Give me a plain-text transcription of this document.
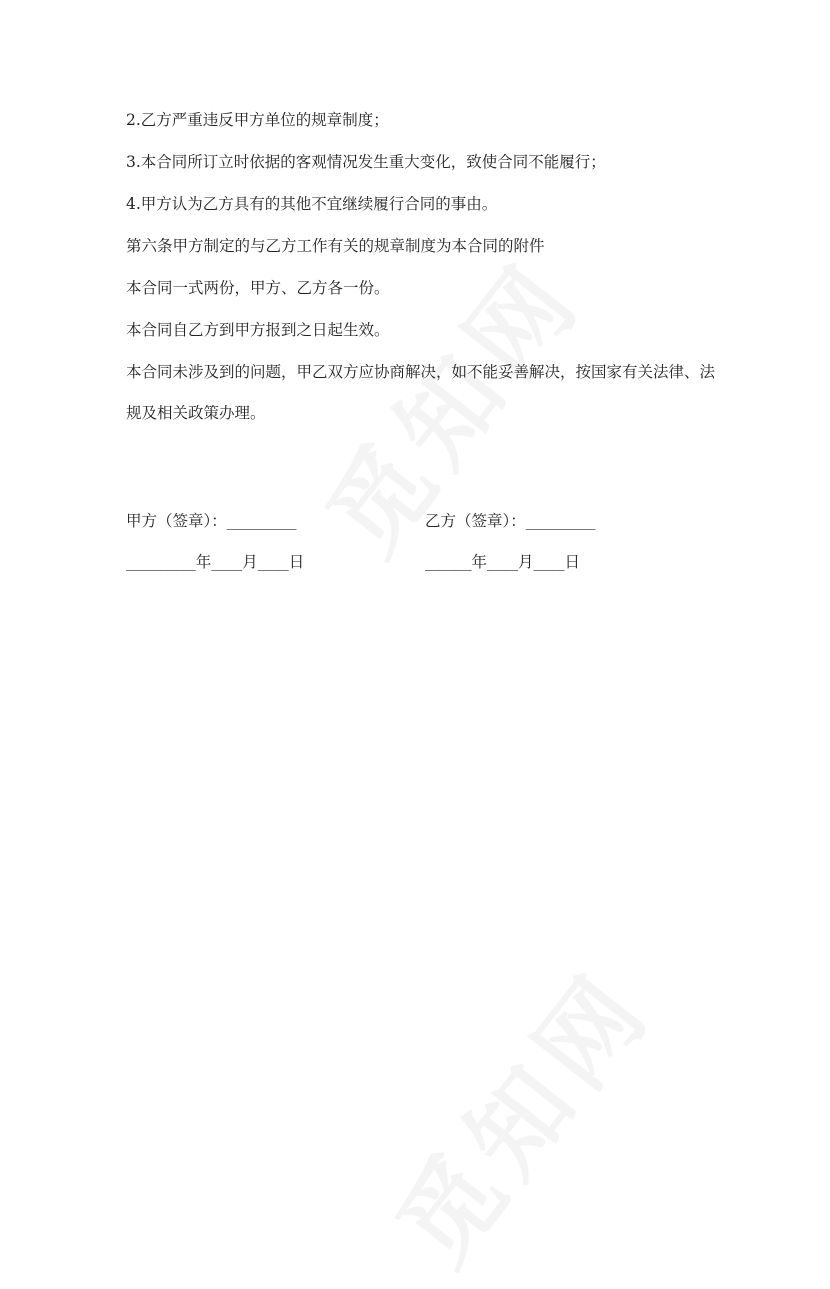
2.乙方严重违反甲方单位的规章制度；

3.本合同所订立时依据的客观情况发生重大变化，致使合同不能履行；

4.甲方认为乙方具有的其他不宜继续履行合同的事由。

第六条甲方制定的与乙方工作有关的规章制度为本合同的附件

本合同一式两份，甲方、乙方各一份。

本合同自乙方到甲方报到之日起生效。

本合同未涉及到的问题，甲乙双方应协商解决，如不能妥善解决，按国家有关法律、法规及相关政策办理。

甲方（签章）：_________	乙方（签章）：_________
_________年____月____日	______年____月____日
